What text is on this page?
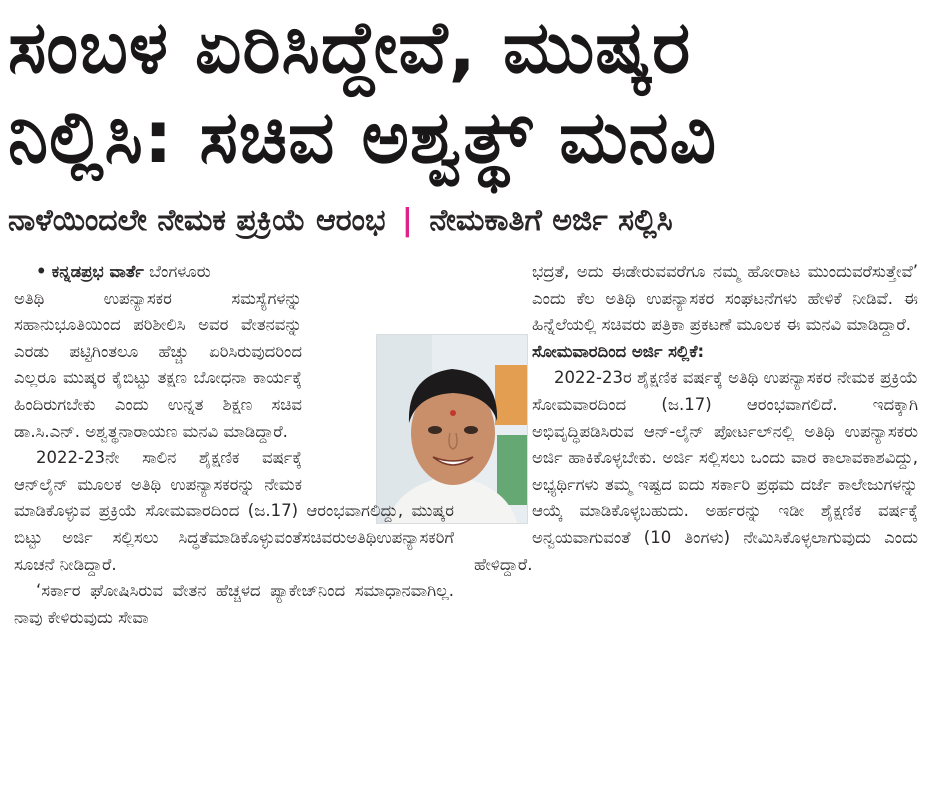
ಸಂಬಳ ಏರಿಸಿದ್ದೇವೆ, ಮುಷ್ಕರ
ನಿಲ್ಲಿಸಿ: ಸಚಿವ ಅಶ್ವತ್ಥ್ ಮನವಿ
ನಾಳೆಯಿಂದಲೇ ನೇಮಕ ಪ್ರಕ್ರಿಯೆ ಆರಂಭ | ನೇಮಕಾತಿಗೆ ಅರ್ಜಿ ಸಲ್ಲಿಸಿ

• ಕನ್ನಡಪ್ರಭ ವಾರ್ತೆ ಬೆಂಗಳೂರು

ಅತಿಥಿ ಉಪನ್ಯಾಸಕರ ಸಮಸ್ಯೆಗಳನ್ನು ಸಹಾನುಭೂತಿಯಿಂದ ಪರಿಶೀಲಿಸಿ ಅವರ ವೇತನವನ್ನು ಎರಡು ಪಟ್ಟಿಗಿಂತಲೂ ಹೆಚ್ಚು ಏರಿಸಿರುವುದರಿಂದ ಎಲ್ಲರೂ ಮುಷ್ಕರ ಕೈಬಿಟ್ಟು ತಕ್ಷಣ ಬೋಧನಾ ಕಾರ್ಯಕ್ಕೆ ಹಿಂದಿರುಗಬೇಕು ಎಂದು ಉನ್ನತ ಶಿಕ್ಷಣ ಸಚಿವ ಡಾ.ಸಿ.ಎನ್. ಅಶ್ವತ್ಥನಾರಾಯಣ ಮನವಿ ಮಾಡಿದ್ದಾರೆ.

2022-23ನೇ ಸಾಲಿನ ಶೈಕ್ಷಣಿಕ ವರ್ಷಕ್ಕೆ ಆನ್‌ಲೈನ್ ಮೂಲಕ ಅತಿಥಿ ಉಪನ್ಯಾಸಕರನ್ನು ನೇಮಕ ಮಾಡಿಕೊಳ್ಳುವ ಪ್ರಕ್ರಿಯೆ ಸೋಮವಾರದಿಂದ (ಜ.17) ಆರಂಭವಾಗಲಿದ್ದು, ಮುಷ್ಕರ ಬಿಟ್ಟು ಅರ್ಜಿ ಸಲ್ಲಿಸಲು ಸಿದ್ಧತೆಮಾಡಿಕೊಳ್ಳುವಂತೆಸಚಿವರುಅತಿಥಿಉಪನ್ಯಾಸಕರಿಗೆ ಸೂಚನೆ ನೀಡಿದ್ದಾರೆ.

‘ಸರ್ಕಾರ ಘೋಷಿಸಿರುವ ವೇತನ ಹೆಚ್ಚಳದ ಪ್ಯಾಕೇಜ್‌ನಿಂದ ಸಮಾಧಾನವಾಗಿಲ್ಲ. ನಾವು ಕೇಳಿರುವುದು ಸೇವಾ

ಭದ್ರತೆ, ಅದು ಈಡೇರುವವರೆಗೂ ನಮ್ಮ ಹೋರಾಟ ಮುಂದುವರೆಸುತ್ತೇವೆ’ ಎಂದು ಕೆಲ ಅತಿಥಿ ಉಪನ್ಯಾಸಕರ ಸಂಘಟನೆಗಳು ಹೇಳಿಕೆ ನೀಡಿವೆ. ಈ ಹಿನ್ನೆಲೆಯಲ್ಲಿ ಸಚಿವರು ಪತ್ರಿಕಾ ಪ್ರಕಟಣೆ ಮೂಲಕ ಈ ಮನವಿ ಮಾಡಿದ್ದಾರೆ.

ಸೋಮವಾರದಿಂದ ಅರ್ಜಿ ಸಲ್ಲಿಕೆ:

2022-23ರ ಶೈಕ್ಷಣಿಕ ವರ್ಷಕ್ಕೆ ಅತಿಥಿ ಉಪನ್ಯಾಸಕರ ನೇಮಕ ಪ್ರಕ್ರಿಯೆ ಸೋಮವಾರದಿಂದ (ಜ.17) ಆರಂಭವಾಗಲಿದೆ. ಇದಕ್ಕಾಗಿ ಅಭಿವೃದ್ಧಿಪಡಿಸಿರುವ ಆನ್-ಲೈನ್ ಪೋರ್ಟಲ್‌ನಲ್ಲಿ ಅತಿಥಿ ಉಪನ್ಯಾಸಕರು ಅರ್ಜಿ ಹಾಕಿಕೊಳ್ಳಬೇಕು. ಅರ್ಜಿ ಸಲ್ಲಿಸಲು ಒಂದು ವಾರ ಕಾಲಾವಕಾಶವಿದ್ದು, ಅಭ್ಯರ್ಥಿಗಳು ತಮ್ಮ ಇಷ್ಟದ ಐದು ಸರ್ಕಾರಿ ಪ್ರಥಮ ದರ್ಜೆ ಕಾಲೇಜುಗಳನ್ನು ಆಯ್ಕೆ ಮಾಡಿಕೊಳ್ಳಬಹುದು. ಅರ್ಹರನ್ನು ಇಡೀ ಶೈಕ್ಷಣಿಕ ವರ್ಷಕ್ಕೆ ಅನ್ವಯವಾಗುವಂತೆ (10 ತಿಂಗಳು) ನೇಮಿಸಿಕೊಳ್ಳಲಾಗುವುದು ಎಂದು ಹೇಳಿದ್ದಾರೆ.
